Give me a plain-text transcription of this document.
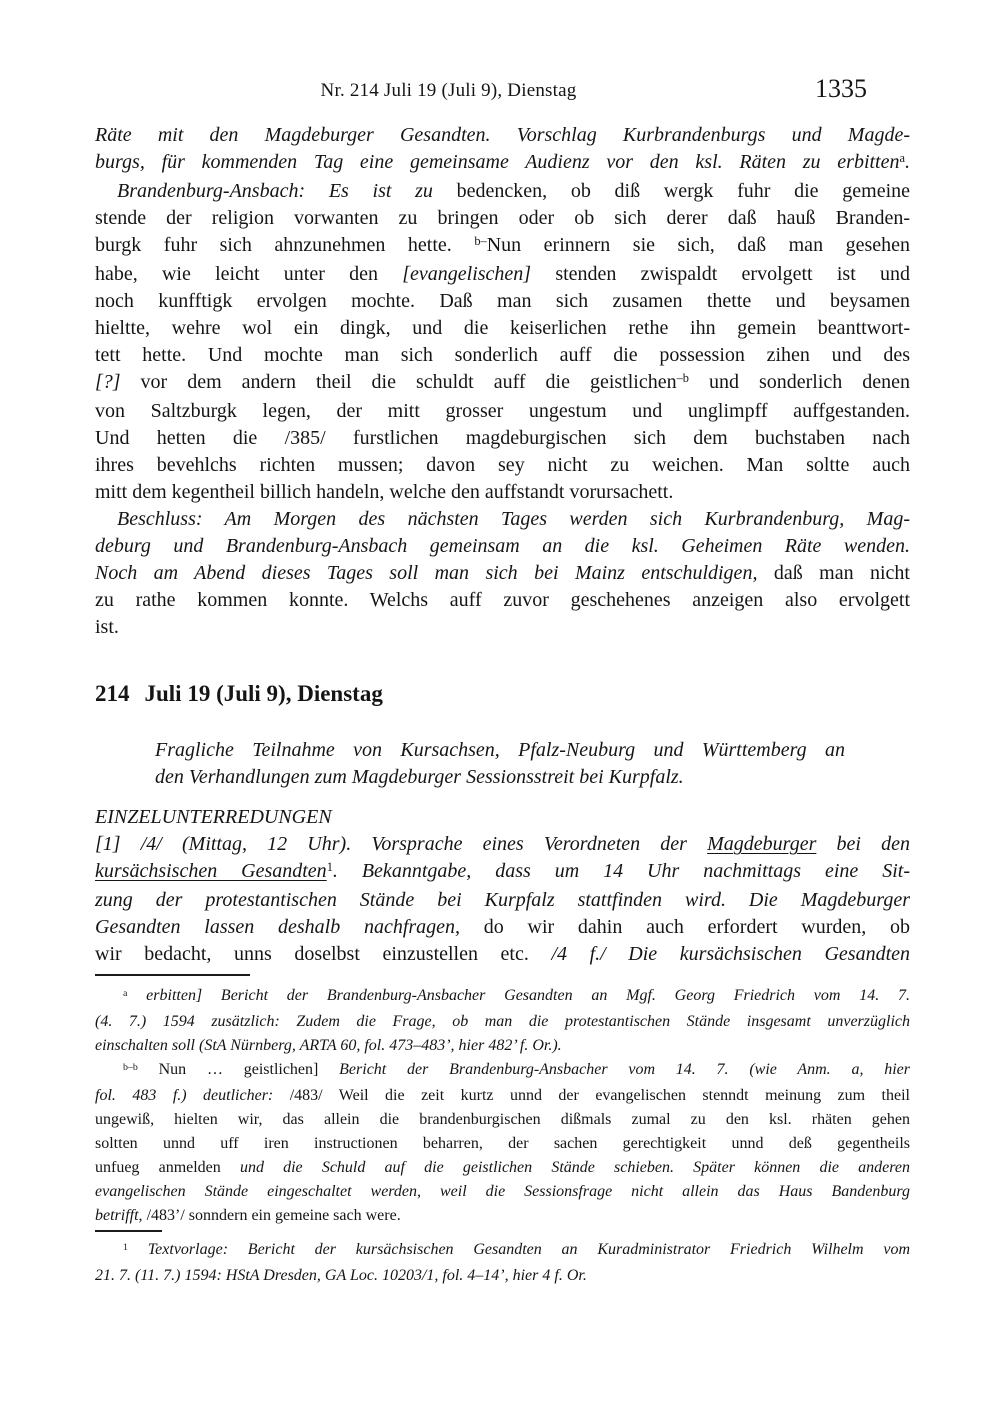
Nr. 214 Juli 19 (Juli 9), Dienstag	1335
Räte mit den Magdeburger Gesandten. Vorschlag Kurbrandenburgs und Magde-
burgs, für kommenden Tag eine gemeinsame Audienz vor den ksl. Räten zu erbitten$^a$.
Brandenburg-Ansbach: Es ist zu bedencken, ob diß wergk fuhr die gemeine
stende der religion vorwanten zu bringen oder ob sich derer daß hauß Branden-
burgk fuhr sich ahnzunehmen hette. $^{b-}$Nun erinnern sie sich, daß man gesehen
habe, wie leicht unter den [evangelischen] stenden zwispaldt ervolgett ist und
noch kunfftigk ervolgen mochte. Daß man sich zusamen thette und beysamen
hieltte, wehre wol ein dingk, und die keiserlichen rethe ihn gemein beanttwort-
tett hette. Und mochte man sich sonderlich auff die possession zihen und des
[?] vor dem andern theil die schuldt auff die geistlichen$^{-b}$ und sonderlich denen
von Saltzburgk legen, der mitt grosser ungestum und unglimpff auffgestanden.
Und hetten die /385/ furstlichen magdeburgischen sich dem buchstaben nach
ihres bevehlchs richten mussen; davon sey nicht zu weichen. Man soltte auch
mitt dem kegentheil billich handeln, welche den auffstandt vorursachett.
Beschluss: Am Morgen des nächsten Tages werden sich Kurbrandenburg, Mag-
deburg und Brandenburg-Ansbach gemeinsam an die ksl. Geheimen Räte wenden.
Noch am Abend dieses Tages soll man sich bei Mainz entschuldigen, daß man nicht
zu rathe kommen konnte. Welchs auff zuvor geschehenes anzeigen also ervolgett
ist.
214 Juli 19 (Juli 9), Dienstag
Fragliche Teilnahme von Kursachsen, Pfalz-Neuburg und Württemberg an
den Verhandlungen zum Magdeburger Sessionsstreit bei Kurpfalz.
EINZELUNTERREDUNGEN
[1] /4/ (Mittag, 12 Uhr). Vorsprache eines Verordneten der Magdeburger bei den
kursächsischen Gesandten$^1$. Bekanntgabe, dass um 14 Uhr nachmittags eine Sit-
zung der protestantischen Stände bei Kurpfalz stattfinden wird. Die Magdeburger
Gesandten lassen deshalb nachfragen, do wir dahin auch erfordert wurden, ob
wir bedacht, unns doselbst einzustellen etc. /4 f./ Die kursächsischen Gesandten
$^a$ erbitten] Bericht der Brandenburg-Ansbacher Gesandten an Mgf. Georg Friedrich vom 14. 7.
(4. 7.) 1594 zusätzlich: Zudem die Frage, ob man die protestantischen Stände insgesamt unverzüglich
einschalten soll (StA Nürnberg, ARTA 60, fol. 473–483’, hier 482’ f. Or.).
$^{b-b}$ Nun … geistlichen] Bericht der Brandenburg-Ansbacher vom 14. 7. (wie Anm. a, hier
fol. 483 f.) deutlicher: /483/ Weil die zeit kurtz unnd der evangelischen stenndt meinung zum theil
ungewiß, hielten wir, das allein die brandenburgischen dißmals zumal zu den ksl. rhäten gehen
soltten unnd uff iren instructionen beharren, der sachen gerechtigkeit unnd deß gegentheils
unfueg anmelden und die Schuld auf die geistlichen Stände schieben. Später können die anderen
evangelischen Stände eingeschaltet werden, weil die Sessionsfrage nicht allein das Haus Bandenburg
betrifft, /483’/ sonndern ein gemeine sach were.
$^1$ Textvorlage: Bericht der kursächsischen Gesandten an Kuradministrator Friedrich Wilhelm vom
21. 7. (11. 7.) 1594: HStA Dresden, GA Loc. 10203/1, fol. 4–14’, hier 4 f. Or.
